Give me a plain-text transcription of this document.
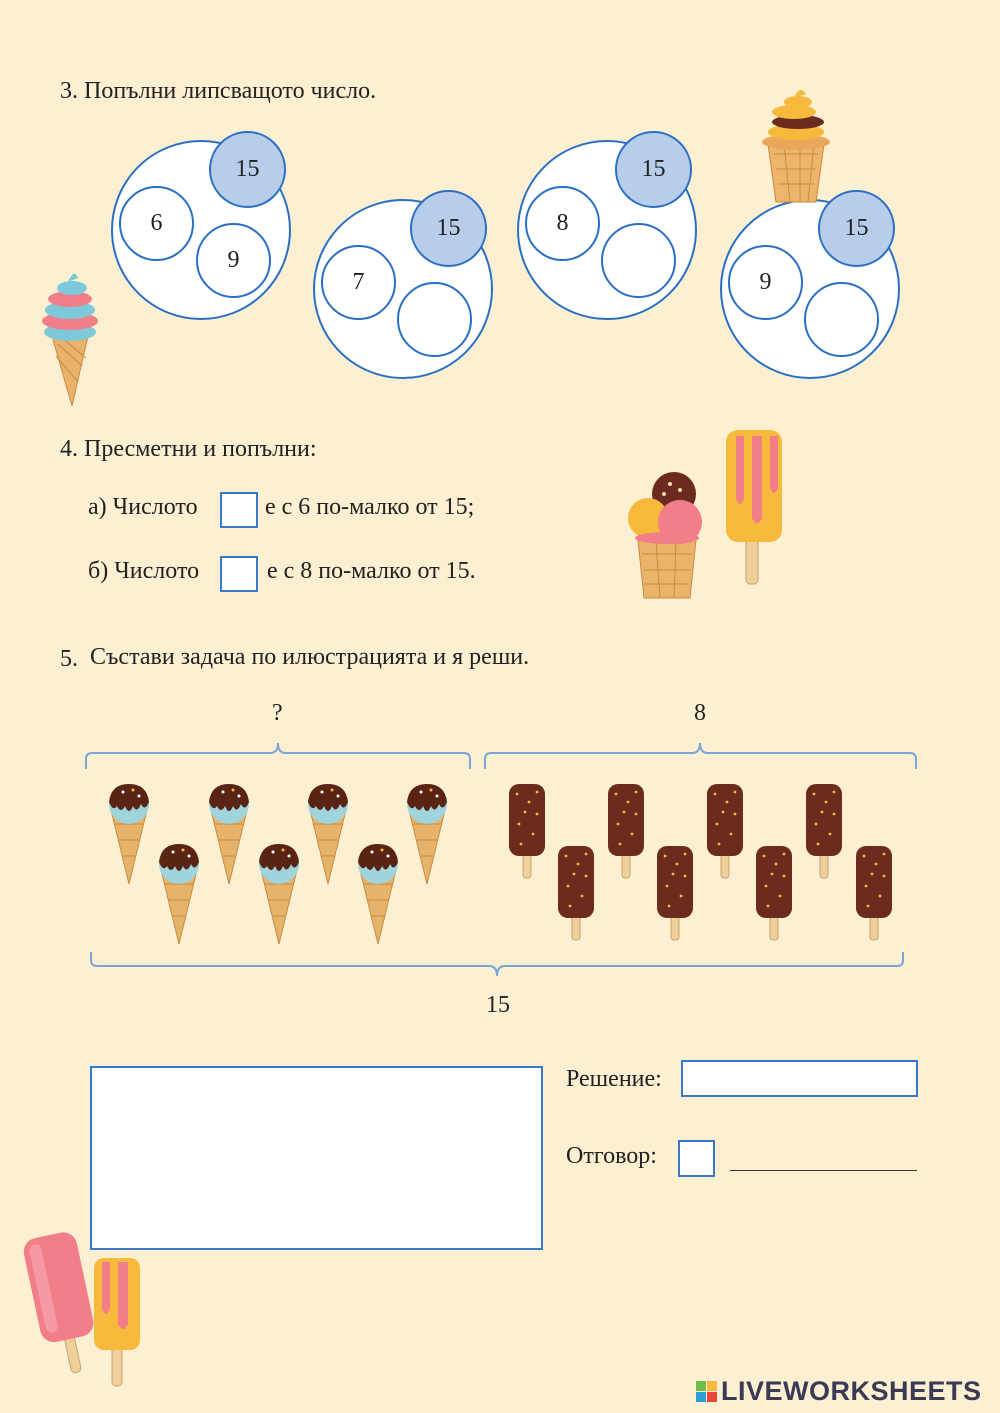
3. Попълни липсващото число.
15
6
9
15
7
15
8	15
9
4. Пресметни и попълни:
а) Числото	е с 6 по-малко от 15;
б) Числото	е с 8 по-малко от 15.
5. Състави задача по илюстрацията и я реши.
?	8
15
Решение:
Отговор:
LIVEWORKSHEETS
